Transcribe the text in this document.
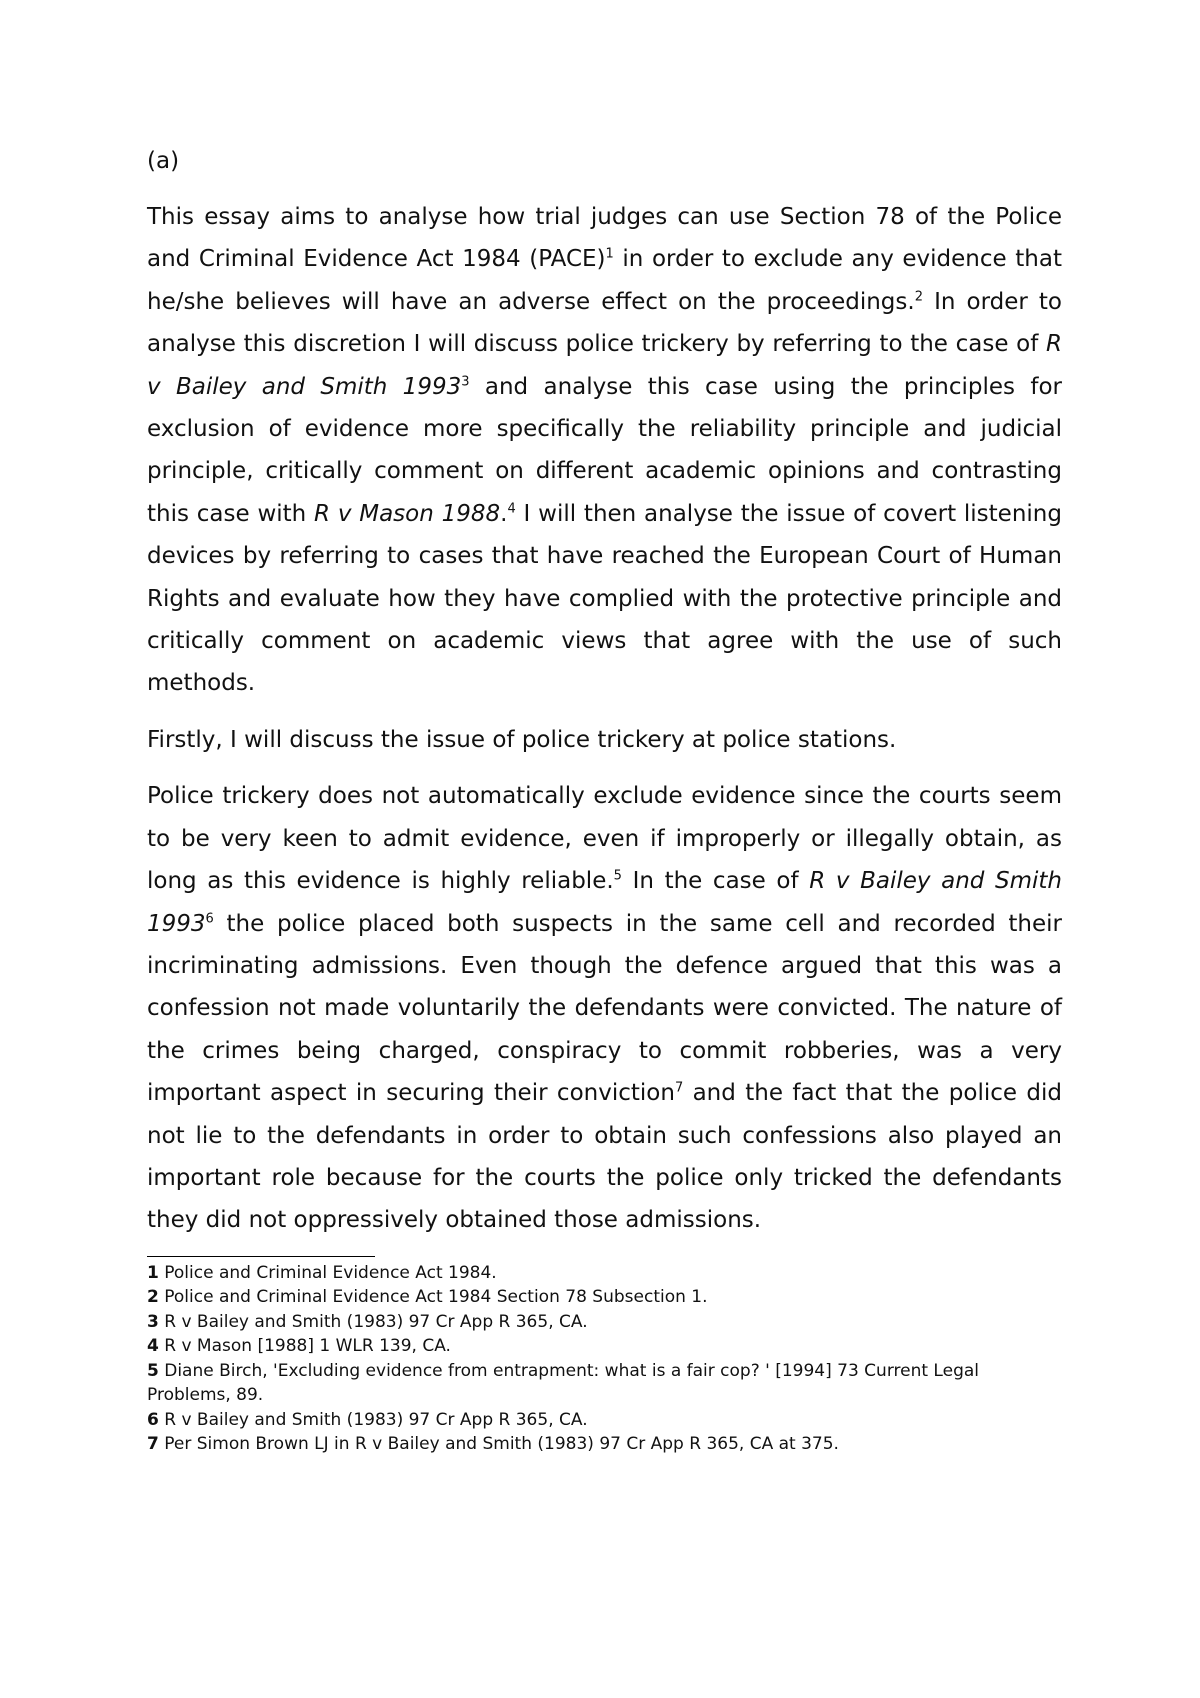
(a)

This essay aims to analyse how trial judges can use Section 78 of the Police and Criminal Evidence Act 1984 (PACE)$^1$ in order to exclude any evidence that he/she believes will have an adverse effect on the proceedings.$^2$ In order to analyse this discretion I will discuss police trickery by referring to the case of R v Bailey and Smith 1993$^3$ and analyse this case using the principles for exclusion of evidence more specifically the reliability principle and judicial principle, critically comment on different academic opinions and contrasting this case with R v Mason 1988.$^4$ I will then analyse the issue of covert listening devices by referring to cases that have reached the European Court of Human Rights and evaluate how they have complied with the protective principle and critically comment on academic views that agree with the use of such methods.

Firstly, I will discuss the issue of police trickery at police stations.

Police trickery does not automatically exclude evidence since the courts seem to be very keen to admit evidence, even if improperly or illegally obtain, as long as this evidence is highly reliable.$^5$ In the case of R v Bailey and Smith 1993$^6$ the police placed both suspects in the same cell and recorded their incriminating admissions. Even though the defence argued that this was a confession not made voluntarily the defendants were convicted. The nature of the crimes being charged, conspiracy to commit robberies, was a very important aspect in securing their conviction$^7$ and the fact that the police did not lie to the defendants in order to obtain such confessions also played an important role because for the courts the police only tricked the defendants they did not oppressively obtained those admissions.

1 Police and Criminal Evidence Act 1984.

2 Police and Criminal Evidence Act 1984 Section 78 Subsection 1.

3 R v Bailey and Smith (1983) 97 Cr App R 365, CA.

4 R v Mason [1988] 1 WLR 139, CA.

5 Diane Birch, 'Excluding evidence from entrapment: what is a fair cop? ' [1994] 73 Current Legal Problems, 89.

6 R v Bailey and Smith (1983) 97 Cr App R 365, CA.

7 Per Simon Brown LJ in R v Bailey and Smith (1983) 97 Cr App R 365, CA at 375.
